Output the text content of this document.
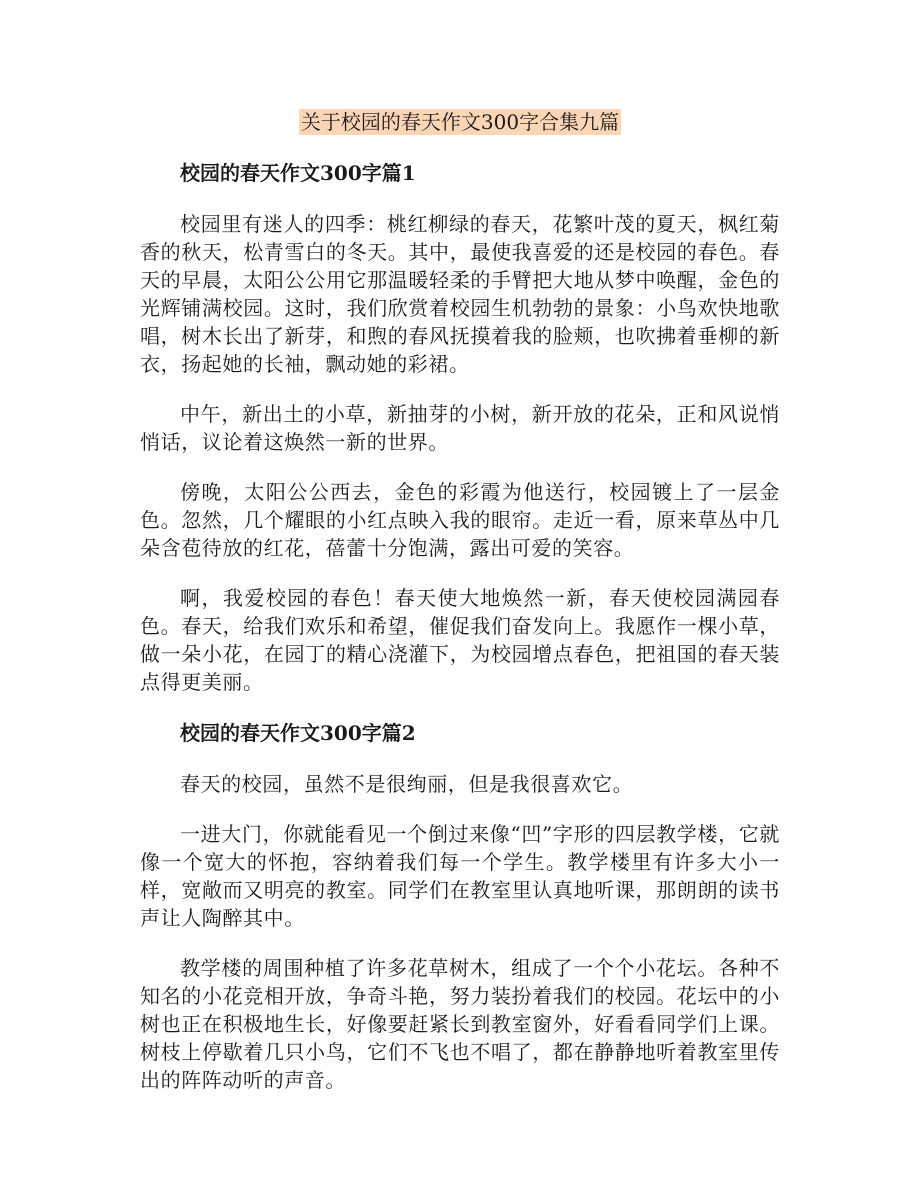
关于校园的春天作文300字合集九篇
校园的春天作文300字篇1

校园里有迷人的四季：桃红柳绿的春天，花繁叶茂的夏天，枫红菊香的秋天，松青雪白的冬天。其中，最使我喜爱的还是校园的春色。春天的早晨，太阳公公用它那温暖轻柔的手臂把大地从梦中唤醒，金色的光辉铺满校园。这时，我们欣赏着校园生机勃勃的景象：小鸟欢快地歌唱，树木长出了新芽，和煦的春风抚摸着我的脸颊，也吹拂着垂柳的新衣，扬起她的长袖，飘动她的彩裙。

中午，新出土的小草，新抽芽的小树，新开放的花朵，正和风说悄悄话，议论着这焕然一新的世界。

傍晚，太阳公公西去，金色的彩霞为他送行，校园镀上了一层金色。忽然，几个耀眼的小红点映入我的眼帘。走近一看，原来草丛中几朵含苞待放的红花，蓓蕾十分饱满，露出可爱的笑容。

啊，我爱校园的春色！春天使大地焕然一新，春天使校园满园春色。春天，给我们欢乐和希望，催促我们奋发向上。我愿作一棵小草，做一朵小花，在园丁的精心浇灌下，为校园增点春色，把祖国的春天装点得更美丽。

校园的春天作文300字篇2

春天的校园，虽然不是很绚丽，但是我很喜欢它。

一进大门，你就能看见一个倒过来像“凹”字形的四层教学楼，它就像一个宽大的怀抱，容纳着我们每一个学生。教学楼里有许多大小一样，宽敞而又明亮的教室。同学们在教室里认真地听课，那朗朗的读书声让人陶醉其中。

教学楼的周围种植了许多花草树木，组成了一个个小花坛。各种不知名的小花竞相开放，争奇斗艳，努力装扮着我们的校园。花坛中的小树也正在积极地生长，好像要赶紧长到教室窗外，好看看同学们上课。树枝上停歇着几只小鸟，它们不飞也不唱了，都在静静地听着教室里传出的阵阵动听的声音。
